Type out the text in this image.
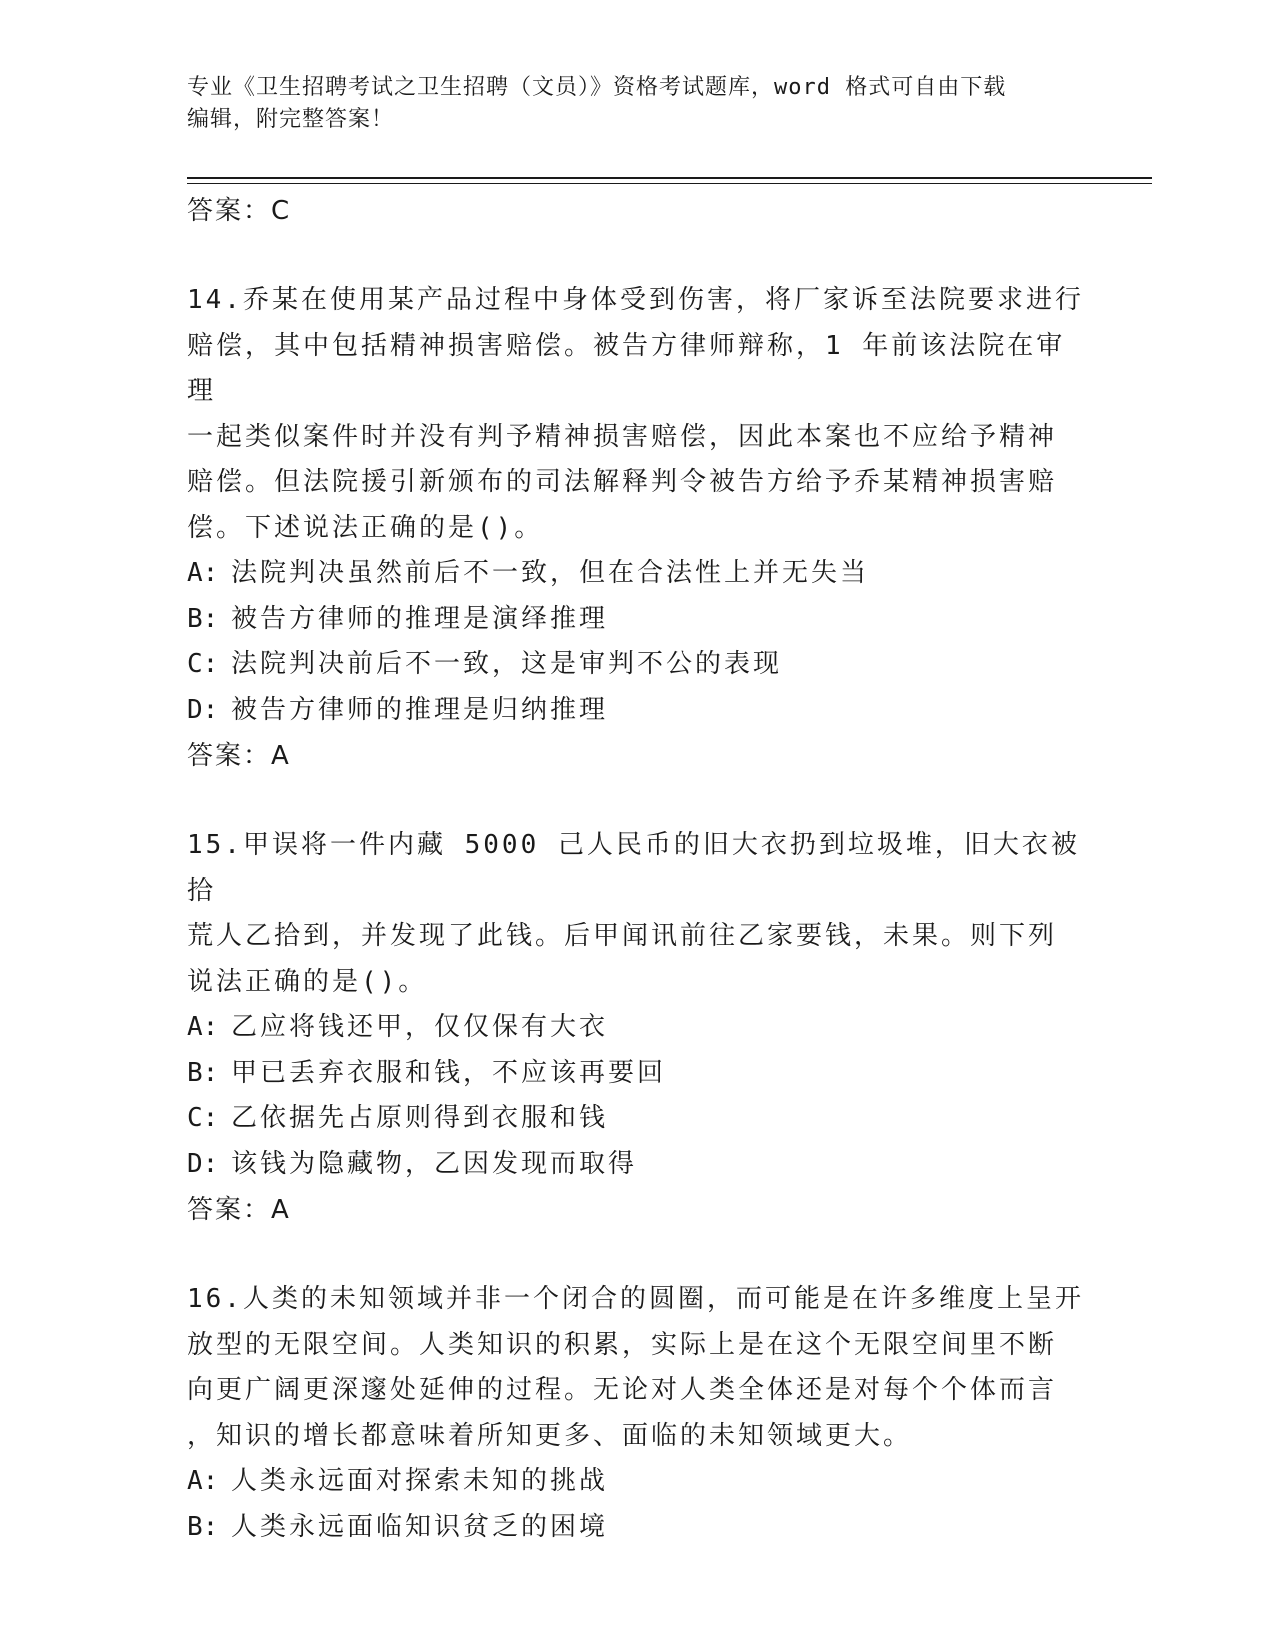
专业《卫生招聘考试之卫生招聘（文员）》资格考试题库，word 格式可自由下载
编辑，附完整答案！
答案：C
14.乔某在使用某产品过程中身体受到伤害，将厂家诉至法院要求进行
赔偿，其中包括精神损害赔偿。被告方律师辩称，1 年前该法院在审理
一起类似案件时并没有判予精神损害赔偿，因此本案也不应给予精神
赔偿。但法院援引新颁布的司法解释判令被告方给予乔某精神损害赔
偿。下述说法正确的是()。
A: 法院判决虽然前后不一致，但在合法性上并无失当
B: 被告方律师的推理是演绎推理
C: 法院判决前后不一致，这是审判不公的表现
D: 被告方律师的推理是归纳推理
答案：A
15.甲误将一件内藏 5000 己人民币的旧大衣扔到垃圾堆，旧大衣被拾
荒人乙拾到，并发现了此钱。后甲闻讯前往乙家要钱，未果。则下列
说法正确的是()。
A: 乙应将钱还甲，仅仅保有大衣
B: 甲已丢弃衣服和钱，不应该再要回
C: 乙依据先占原则得到衣服和钱
D: 该钱为隐藏物，乙因发现而取得
答案：A
16.人类的未知领域并非一个闭合的圆圈，而可能是在许多维度上呈开
放型的无限空间。人类知识的积累，实际上是在这个无限空间里不断
向更广阔更深邃处延伸的过程。无论对人类全体还是对每个个体而言
，知识的增长都意味着所知更多、面临的未知领域更大。
A: 人类永远面对探索未知的挑战
B: 人类永远面临知识贫乏的困境
